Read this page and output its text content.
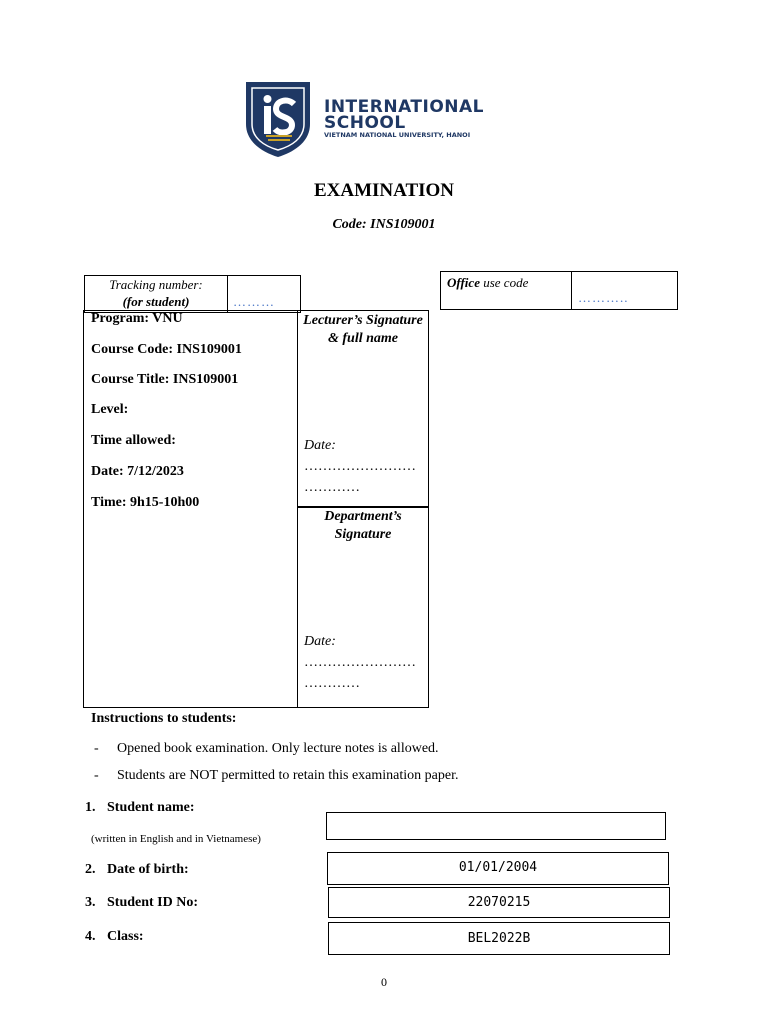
INTERNATIONAL
SCHOOL
VIETNAM NATIONAL UNIVERSITY, HANOI
EXAMINATION
Code: INS109001
Tracking number:
(for student)	………
Office use code
………..
Program: VNU
Course Code: INS109001
Course Title: INS109001
Level:
Time allowed:
Date: 7/12/2023
Time: 9h15-10h00
Lecturer’s Signature & full name
Date:
……………………
…………
Department’s Signature
Date:
……………………
…………
Instructions to students:
- Opened book examination. Only lecture notes is allowed.
- Students are NOT permitted to retain this examination paper.
1. Student name:
(written in English and in Vietnamese)
2. Date of birth:	01/01/2004
3. Student ID No:	22070215
4. Class:	BEL2022B
0
